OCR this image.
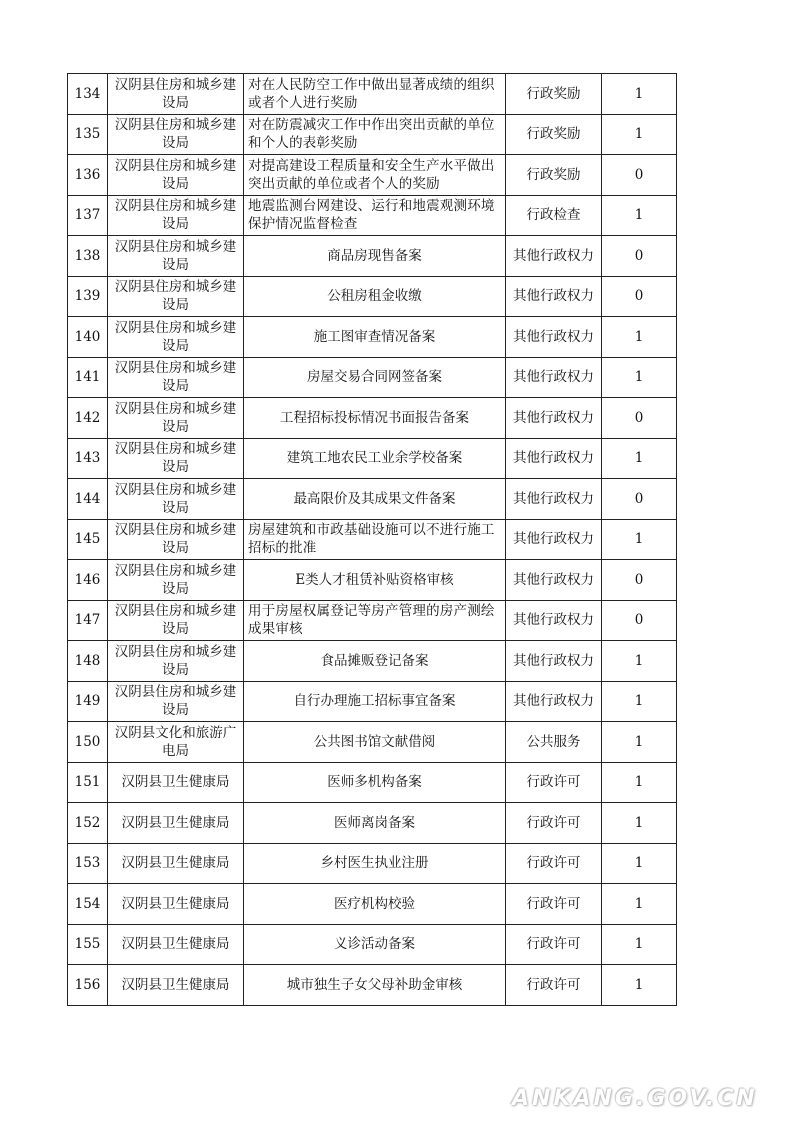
134	汉阴县住房和城乡建设局	对在人民防空工作中做出显著成绩的组织或者个人进行奖励	行政奖励	1
135	汉阴县住房和城乡建设局	对在防震减灾工作中作出突出贡献的单位和个人的表彰奖励	行政奖励	1
136	汉阴县住房和城乡建设局	对提高建设工程质量和安全生产水平做出突出贡献的单位或者个人的奖励	行政奖励	0
137	汉阴县住房和城乡建设局	地震监测台网建设、运行和地震观测环境保护情况监督检查	行政检查	1
138	汉阴县住房和城乡建设局	商品房现售备案	其他行政权力	0
139	汉阴县住房和城乡建设局	公租房租金收缴	其他行政权力	0
140	汉阴县住房和城乡建设局	施工图审查情况备案	其他行政权力	1
141	汉阴县住房和城乡建设局	房屋交易合同网签备案	其他行政权力	1
142	汉阴县住房和城乡建设局	工程招标投标情况书面报告备案	其他行政权力	0
143	汉阴县住房和城乡建设局	建筑工地农民工业余学校备案	其他行政权力	1
144	汉阴县住房和城乡建设局	最高限价及其成果文件备案	其他行政权力	0
145	汉阴县住房和城乡建设局	房屋建筑和市政基础设施可以不进行施工招标的批准	其他行政权力	1
146	汉阴县住房和城乡建设局	E类人才租赁补贴资格审核	其他行政权力	0
147	汉阴县住房和城乡建设局	用于房屋权属登记等房产管理的房产测绘成果审核	其他行政权力	0
148	汉阴县住房和城乡建设局	食品摊贩登记备案	其他行政权力	1
149	汉阴县住房和城乡建设局	自行办理施工招标事宜备案	其他行政权力	1
150	汉阴县文化和旅游广电局	公共图书馆文献借阅	公共服务	1
151	汉阴县卫生健康局	医师多机构备案	行政许可	1
152	汉阴县卫生健康局	医师离岗备案	行政许可	1
153	汉阴县卫生健康局	乡村医生执业注册	行政许可	1
154	汉阴县卫生健康局	医疗机构校验	行政许可	1
155	汉阴县卫生健康局	义诊活动备案	行政许可	1
156	汉阴县卫生健康局	城市独生子女父母补助金审核	行政许可	1
ANKANG.GOV.CN
